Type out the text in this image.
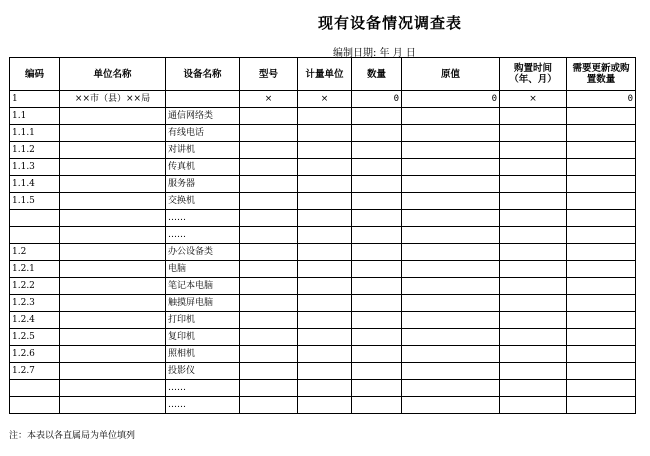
现有设备情况调查表
编制日期: 年 月 日
编码	单位名称	设备名称	型号	计量单位	数量	原值	购置时间（年、月）	需要更新或购置数量
1	××市（县）××局		×	×	0	0	×	0
1.1		通信网络类						
1.1.1		有线电话						
1.1.2		对讲机						
1.1.3		传真机						
1.1.4		服务器						
1.1.5		交换机						
		……						
		……						
1.2		办公设备类						
1.2.1		电脑						
1.2.2		笔记本电脑						
1.2.3		触摸屏电脑						
1.2.4		打印机						
1.2.5		复印机						
1.2.6		照相机						
1.2.7		投影仪						
		……						
		……						
注：本表以各直属局为单位填列
